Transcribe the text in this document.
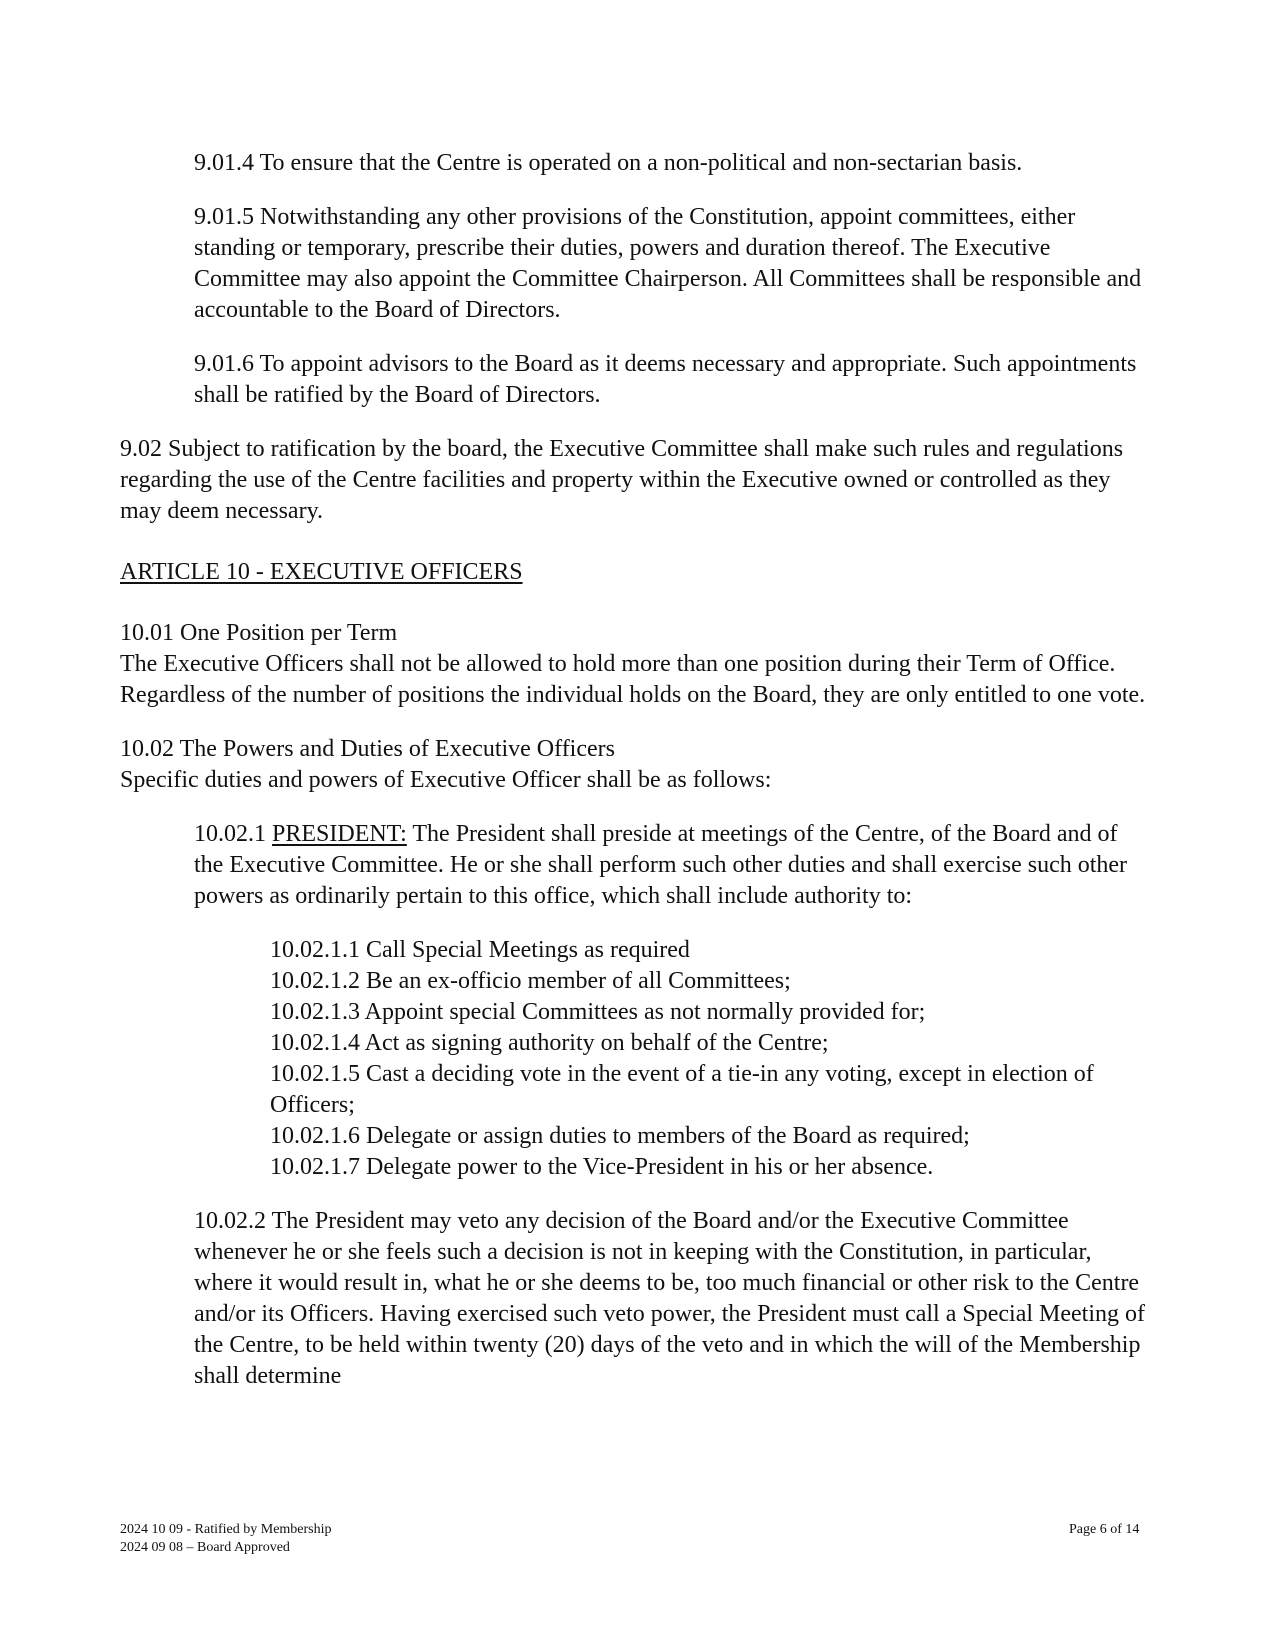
9.01.4 To ensure that the Centre is operated on a non-political and non-sectarian basis.

9.01.5 Notwithstanding any other provisions of the Constitution, appoint committees, either standing or temporary, prescribe their duties, powers and duration thereof. The Executive Committee may also appoint the Committee Chairperson. All Committees shall be responsible and accountable to the Board of Directors.

9.01.6 To appoint advisors to the Board as it deems necessary and appropriate. Such appointments shall be ratified by the Board of Directors.

9.02 Subject to ratification by the board, the Executive Committee shall make such rules and regulations regarding the use of the Centre facilities and property within the Executive owned or controlled as they may deem necessary.

ARTICLE 10 - EXECUTIVE OFFICERS

10.01 One Position per Term

The Executive Officers shall not be allowed to hold more than one position during their Term of Office. Regardless of the number of positions the individual holds on the Board, they are only entitled to one vote.

10.02 The Powers and Duties of Executive Officers

Specific duties and powers of Executive Officer shall be as follows:

10.02.1 PRESIDENT: The President shall preside at meetings of the Centre, of the Board and of the Executive Committee. He or she shall perform such other duties and shall exercise such other powers as ordinarily pertain to this office, which shall include authority to:

10.02.1.1 Call Special Meetings as required

10.02.1.2 Be an ex-officio member of all Committees;

10.02.1.3 Appoint special Committees as not normally provided for;

10.02.1.4 Act as signing authority on behalf of the Centre;

10.02.1.5 Cast a deciding vote in the event of a tie-in any voting, except in election of Officers;

10.02.1.6 Delegate or assign duties to members of the Board as required;

10.02.1.7 Delegate power to the Vice-President in his or her absence.

10.02.2 The President may veto any decision of the Board and/or the Executive Committee whenever he or she feels such a decision is not in keeping with the Constitution, in particular, where it would result in, what he or she deems to be, too much financial or other risk to the Centre and/or its Officers. Having exercised such veto power, the President must call a Special Meeting of the Centre, to be held within twenty (20) days of the veto and in which the will of the Membership shall determine

2024 10 09 - Ratified by Membership
2024 09 08 – Board Approved
Page 6 of 14
